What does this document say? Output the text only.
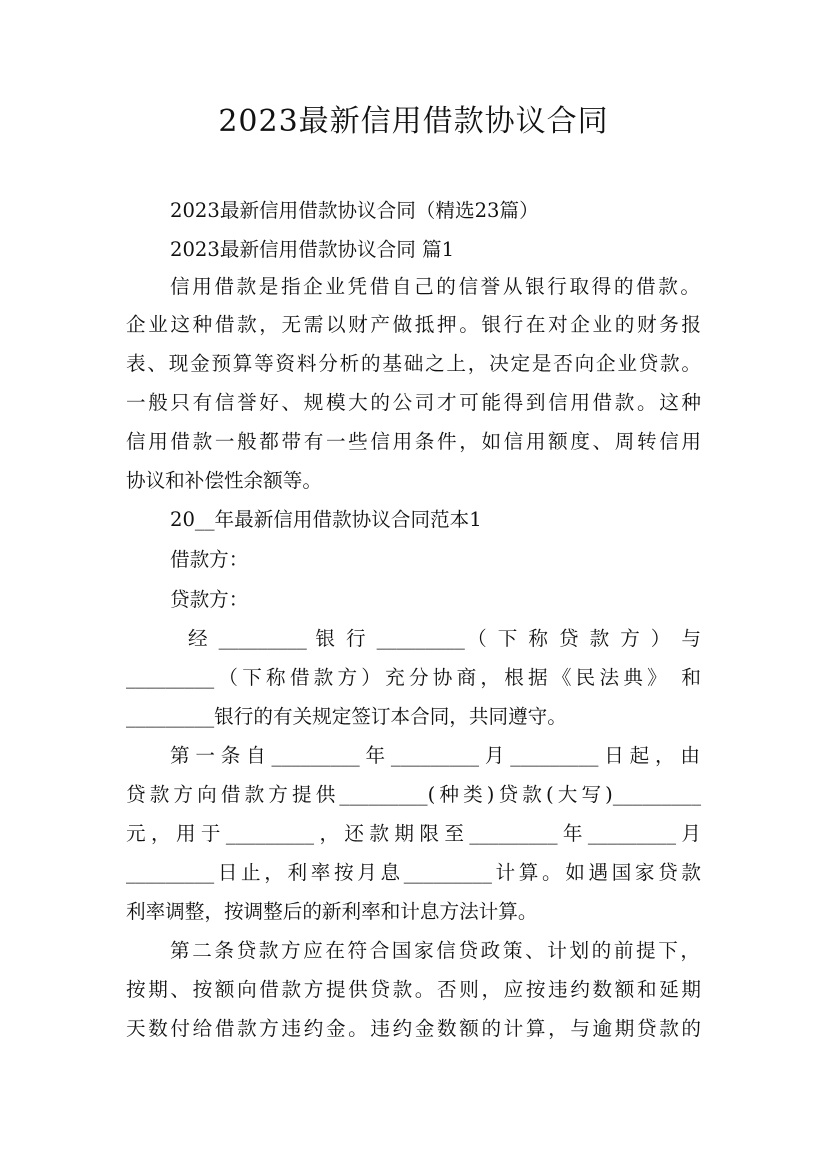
2023最新信用借款协议合同
2023最新信用借款协议合同（精选23篇）
2023最新信用借款协议合同 篇1
信用借款是指企业凭借自己的信誉从银行取得的借款。
企业这种借款，无需以财产做抵押。银行在对企业的财务报
表、现金预算等资料分析的基础之上，决定是否向企业贷款。
一般只有信誉好、规模大的公司才可能得到信用借款。这种
信用借款一般都带有一些信用条件，如信用额度、周转信用
协议和补偿性余额等。
20__年最新信用借款协议合同范本1
借款方：
贷款方：
经 _________ 银 行 _________（ 下 称 贷 款 方 ） 与
_________（下称借款方）充分协商，根据《民法典》 和
_________银行的有关规定签订本合同，共同遵守。
第一条自_________年_________月_________日起，由
贷款方向借款方提供_________(种类)贷款(大写)_________
元，用于_________，还款期限至_________年_________月
_________日止，利率按月息_________计算。如遇国家贷款
利率调整，按调整后的新利率和计息方法计算。
第二条贷款方应在符合国家信贷政策、计划的前提下，
按期、按额向借款方提供贷款。否则，应按违约数额和延期
天数付给借款方违约金。违约金数额的计算，与逾期贷款的
